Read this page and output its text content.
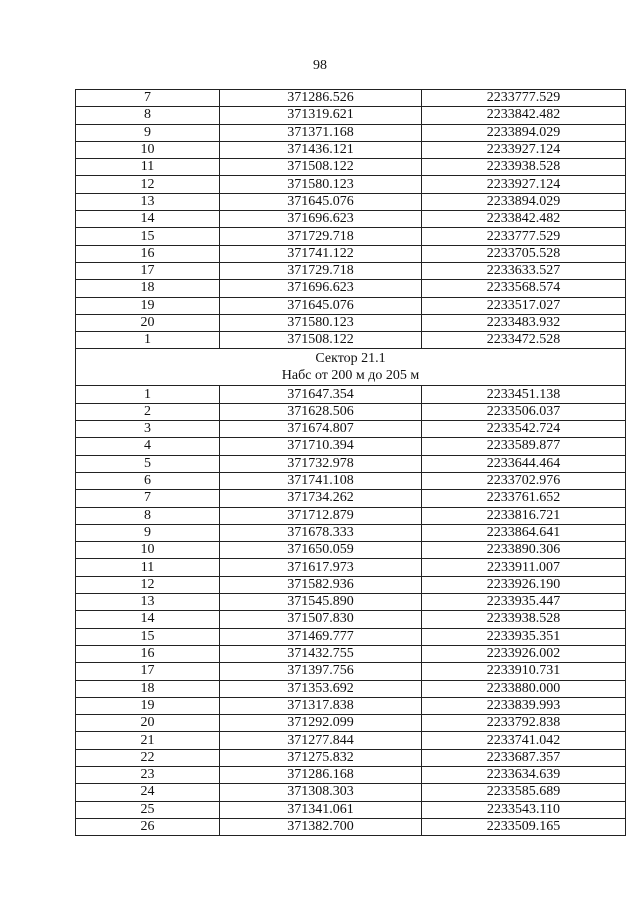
98
7	371286.526	2233777.529
8	371319.621	2233842.482
9	371371.168	2233894.029
10	371436.121	2233927.124
11	371508.122	2233938.528
12	371580.123	2233927.124
13	371645.076	2233894.029
14	371696.623	2233842.482
15	371729.718	2233777.529
16	371741.122	2233705.528
17	371729.718	2233633.527
18	371696.623	2233568.574
19	371645.076	2233517.027
20	371580.123	2233483.932
1	371508.122	2233472.528

Сектор 21.1
Набс от 200 м до 205 м		

1	371647.354	2233451.138
2	371628.506	2233506.037
3	371674.807	2233542.724
4	371710.394	2233589.877
5	371732.978	2233644.464
6	371741.108	2233702.976
7	371734.262	2233761.652
8	371712.879	2233816.721
9	371678.333	2233864.641
10	371650.059	2233890.306
11	371617.973	2233911.007
12	371582.936	2233926.190
13	371545.890	2233935.447
14	371507.830	2233938.528
15	371469.777	2233935.351
16	371432.755	2233926.002
17	371397.756	2233910.731
18	371353.692	2233880.000
19	371317.838	2233839.993
20	371292.099	2233792.838
21	371277.844	2233741.042
22	371275.832	2233687.357
23	371286.168	2233634.639
24	371308.303	2233585.689
25	371341.061	2233543.110
26	371382.700	2233509.165
